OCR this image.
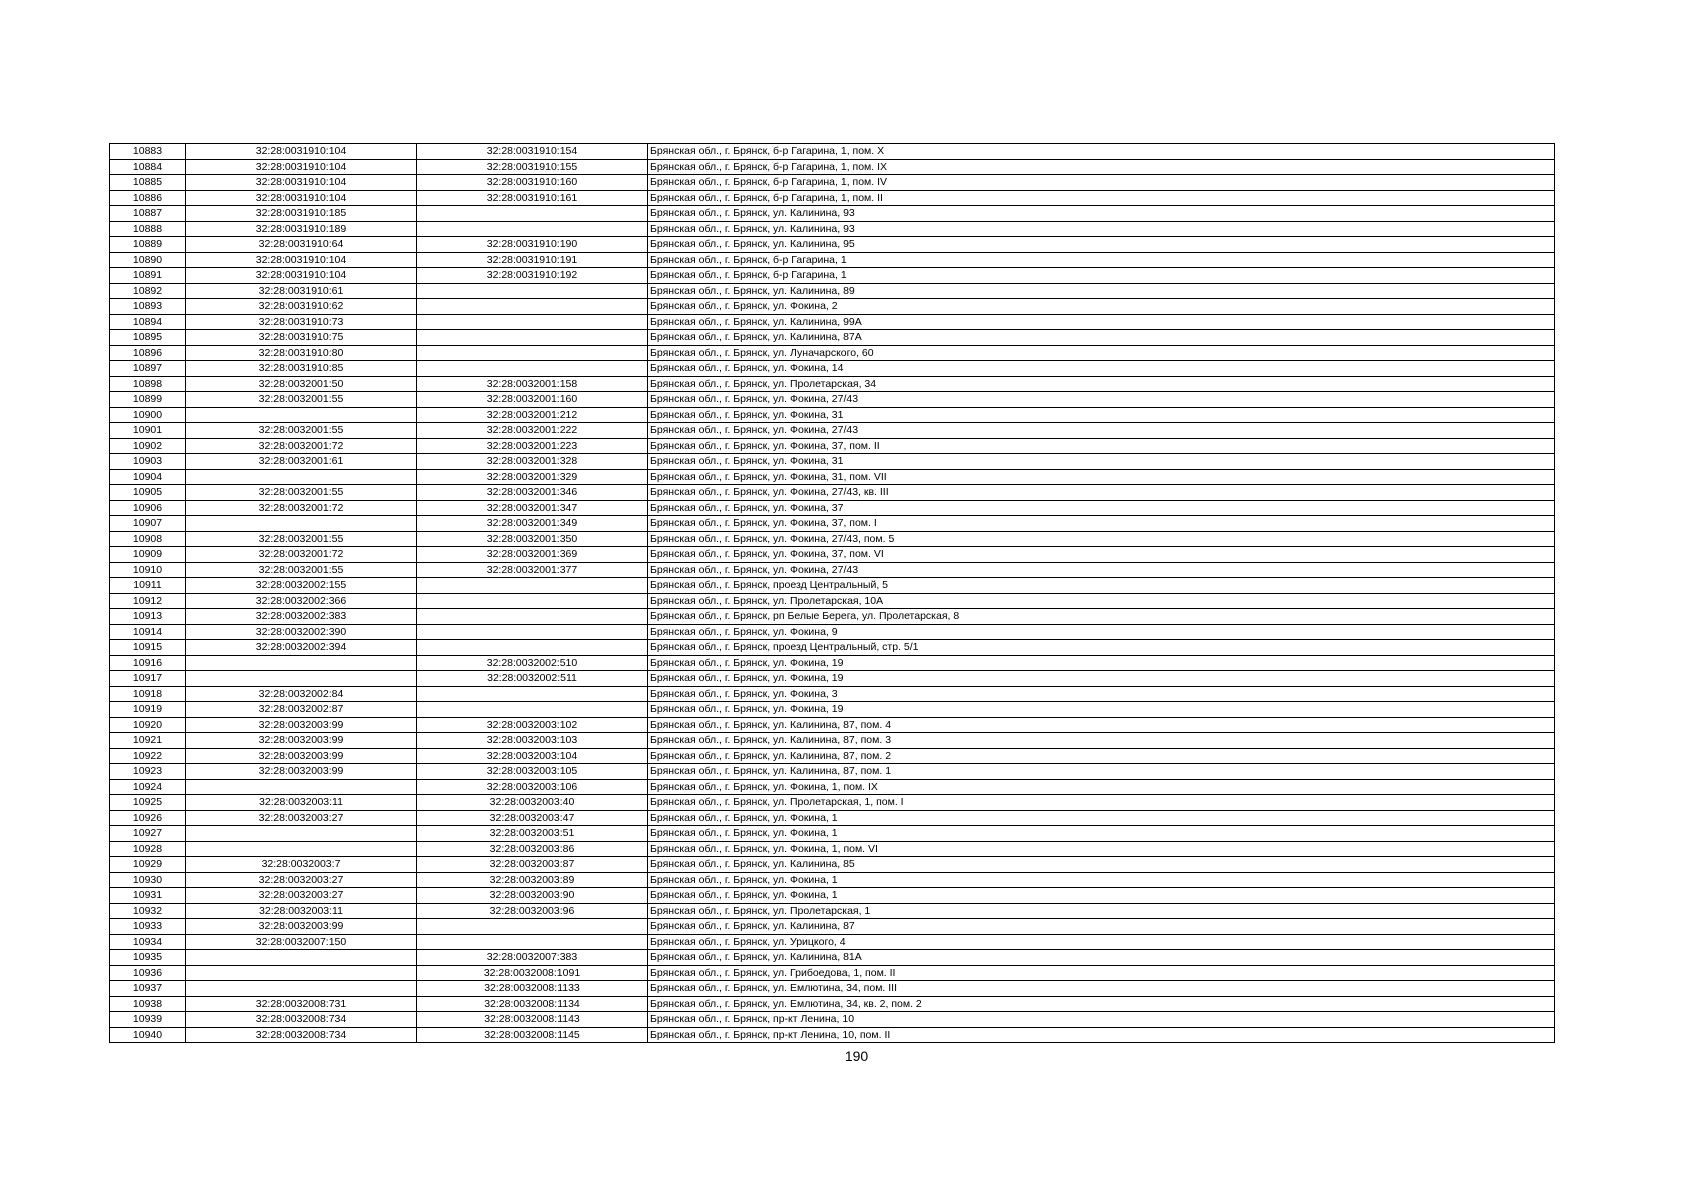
10883	32:28:0031910:104	32:28:0031910:154	Брянская обл., г. Брянск, б-р Гагарина, 1, пом. X
10884	32:28:0031910:104	32:28:0031910:155	Брянская обл., г. Брянск, б-р Гагарина, 1, пом. IX
10885	32:28:0031910:104	32:28:0031910:160	Брянская обл., г. Брянск, б-р Гагарина, 1, пом. IV
10886	32:28:0031910:104	32:28:0031910:161	Брянская обл., г. Брянск, б-р Гагарина, 1, пом. II
10887	32:28:0031910:185		Брянская обл., г. Брянск, ул. Калинина, 93
10888	32:28:0031910:189		Брянская обл., г. Брянск, ул. Калинина, 93
10889	32:28:0031910:64	32:28:0031910:190	Брянская обл., г. Брянск, ул. Калинина, 95
10890	32:28:0031910:104	32:28:0031910:191	Брянская обл., г. Брянск, б-р Гагарина, 1
10891	32:28:0031910:104	32:28:0031910:192	Брянская обл., г. Брянск, б-р Гагарина, 1
10892	32:28:0031910:61		Брянская обл., г. Брянск, ул. Калинина, 89
10893	32:28:0031910:62		Брянская обл., г. Брянск, ул. Фокина, 2
10894	32:28:0031910:73		Брянская обл., г. Брянск, ул. Калинина, 99А
10895	32:28:0031910:75		Брянская обл., г. Брянск, ул. Калинина, 87А
10896	32:28:0031910:80		Брянская обл., г. Брянск, ул. Луначарского, 60
10897	32:28:0031910:85		Брянская обл., г. Брянск, ул. Фокина, 14
10898	32:28:0032001:50	32:28:0032001:158	Брянская обл., г. Брянск, ул. Пролетарская, 34
10899	32:28:0032001:55	32:28:0032001:160	Брянская обл., г. Брянск, ул. Фокина, 27/43
10900		32:28:0032001:212	Брянская обл., г. Брянск, ул. Фокина, 31
10901	32:28:0032001:55	32:28:0032001:222	Брянская обл., г. Брянск, ул. Фокина, 27/43
10902	32:28:0032001:72	32:28:0032001:223	Брянская обл., г. Брянск, ул. Фокина, 37, пом. II
10903	32:28:0032001:61	32:28:0032001:328	Брянская обл., г. Брянск, ул. Фокина, 31
10904		32:28:0032001:329	Брянская обл., г. Брянск, ул. Фокина, 31, пом. VII
10905	32:28:0032001:55	32:28:0032001:346	Брянская обл., г. Брянск, ул. Фокина, 27/43, кв. III
10906	32:28:0032001:72	32:28:0032001:347	Брянская обл., г. Брянск, ул. Фокина, 37
10907		32:28:0032001:349	Брянская обл., г. Брянск, ул. Фокина, 37, пом. I
10908	32:28:0032001:55	32:28:0032001:350	Брянская обл., г. Брянск, ул. Фокина, 27/43, пом. 5
10909	32:28:0032001:72	32:28:0032001:369	Брянская обл., г. Брянск, ул. Фокина, 37, пом. VI
10910	32:28:0032001:55	32:28:0032001:377	Брянская обл., г. Брянск, ул. Фокина, 27/43
10911	32:28:0032002:155		Брянская обл., г. Брянск, проезд Центральный, 5
10912	32:28:0032002:366		Брянская обл., г. Брянск, ул. Пролетарская, 10А
10913	32:28:0032002:383		Брянская обл., г. Брянск, рп Белые Берега, ул. Пролетарская, 8
10914	32:28:0032002:390		Брянская обл., г. Брянск, ул. Фокина, 9
10915	32:28:0032002:394		Брянская обл., г. Брянск, проезд Центральный, стр. 5/1
10916		32:28:0032002:510	Брянская обл., г. Брянск, ул. Фокина, 19
10917		32:28:0032002:511	Брянская обл., г. Брянск, ул. Фокина, 19
10918	32:28:0032002:84		Брянская обл., г. Брянск, ул. Фокина, 3
10919	32:28:0032002:87		Брянская обл., г. Брянск, ул. Фокина, 19
10920	32:28:0032003:99	32:28:0032003:102	Брянская обл., г. Брянск, ул. Калинина, 87, пом. 4
10921	32:28:0032003:99	32:28:0032003:103	Брянская обл., г. Брянск, ул. Калинина, 87, пом. 3
10922	32:28:0032003:99	32:28:0032003:104	Брянская обл., г. Брянск, ул. Калинина, 87, пом. 2
10923	32:28:0032003:99	32:28:0032003:105	Брянская обл., г. Брянск, ул. Калинина, 87, пом. 1
10924		32:28:0032003:106	Брянская обл., г. Брянск, ул. Фокина, 1, пом. IX
10925	32:28:0032003:11	32:28:0032003:40	Брянская обл., г. Брянск, ул. Пролетарская, 1, пом. I
10926	32:28:0032003:27	32:28:0032003:47	Брянская обл., г. Брянск, ул. Фокина, 1
10927		32:28:0032003:51	Брянская обл., г. Брянск, ул. Фокина, 1
10928		32:28:0032003:86	Брянская обл., г. Брянск, ул. Фокина, 1, пом. VI
10929	32:28:0032003:7	32:28:0032003:87	Брянская обл., г. Брянск, ул. Калинина, 85
10930	32:28:0032003:27	32:28:0032003:89	Брянская обл., г. Брянск, ул. Фокина, 1
10931	32:28:0032003:27	32:28:0032003:90	Брянская обл., г. Брянск, ул. Фокина, 1
10932	32:28:0032003:11	32:28:0032003:96	Брянская обл., г. Брянск, ул. Пролетарская, 1
10933	32:28:0032003:99		Брянская обл., г. Брянск, ул. Калинина, 87
10934	32:28:0032007:150		Брянская обл., г. Брянск, ул. Урицкого, 4
10935		32:28:0032007:383	Брянская обл., г. Брянск, ул. Калинина, 81А
10936		32:28:0032008:1091	Брянская обл., г. Брянск, ул. Грибоедова, 1, пом. II
10937		32:28:0032008:1133	Брянская обл., г. Брянск, ул. Емлютина, 34, пом. III
10938	32:28:0032008:731	32:28:0032008:1134	Брянская обл., г. Брянск, ул. Емлютина, 34, кв. 2, пом. 2
10939	32:28:0032008:734	32:28:0032008:1143	Брянская обл., г. Брянск, пр-кт Ленина, 10
10940	32:28:0032008:734	32:28:0032008:1145	Брянская обл., г. Брянск, пр-кт Ленина, 10, пом. II
190
